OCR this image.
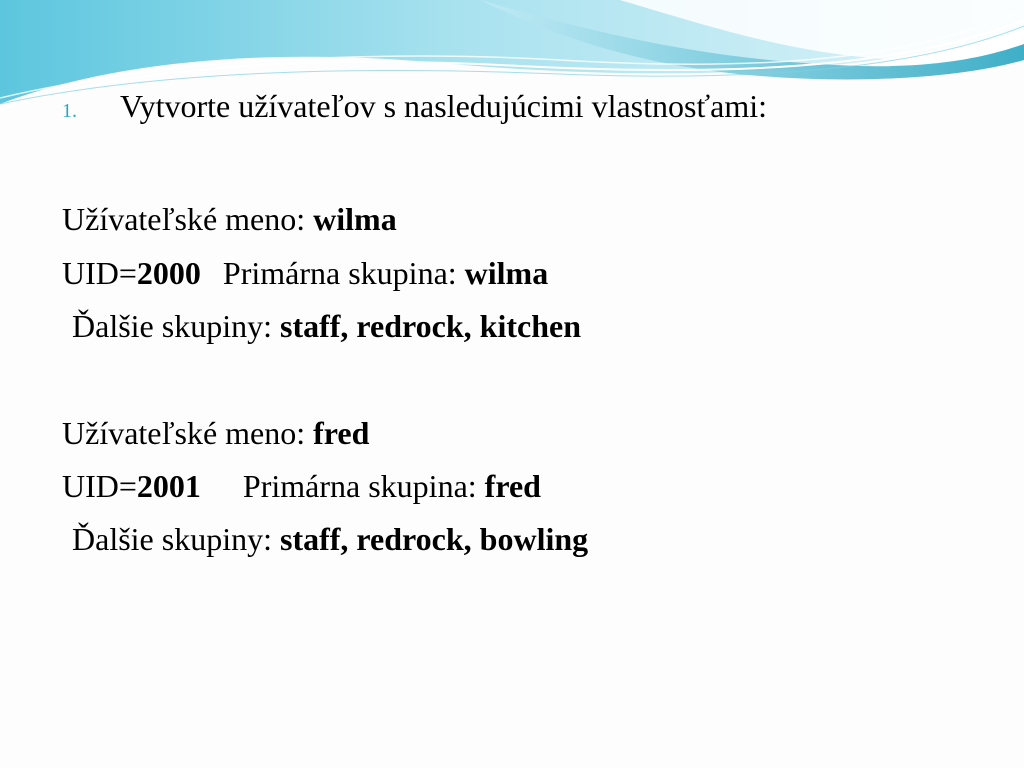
1.	Vytvorte užívateľov s nasledujúcimi vlastnosťami:
Užívateľské meno: wilma
UID=2000 Primárna skupina: wilma
Ďalšie skupiny: staff, redrock, kitchen
Užívateľské meno: fred
UID=2001 Primárna skupina: fred
Ďalšie skupiny: staff, redrock, bowling
